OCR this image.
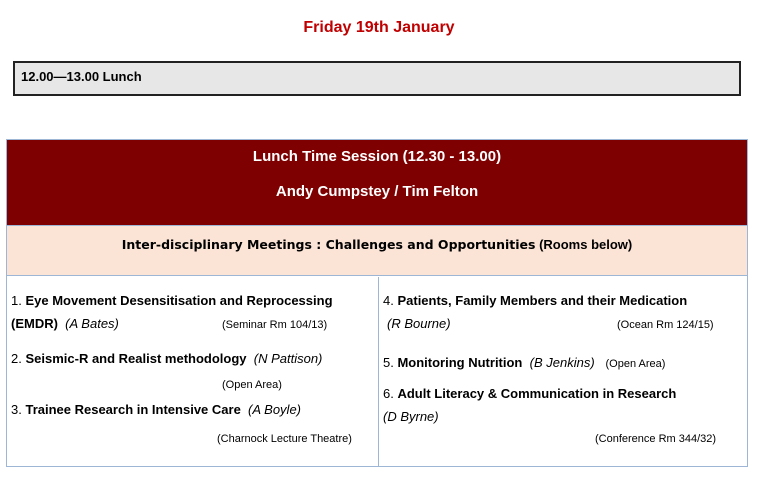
Friday 19th January
12.00—13.00 Lunch
Lunch Time Session (12.30 - 13.00)
Andy Cumpstey / Tim Felton
Inter-disciplinary Meetings : Challenges and Opportunities (Rooms below)
1. Eye Movement Desensitisation and Reprocessing
(EMDR) (A Bates)	(Seminar Rm 104/13)
2. Seismic-R and Realist methodology (N Pattison)
(Open Area)
3. Trainee Research in Intensive Care (A Boyle)
(Charnock Lecture Theatre)
4. Patients, Family Members and their Medication
(R Bourne)	(Ocean Rm 124/15)
5. Monitoring Nutrition (B Jenkins) (Open Area)
6. Adult Literacy & Communication in Research
(D Byrne)
(Conference Rm 344/32)
